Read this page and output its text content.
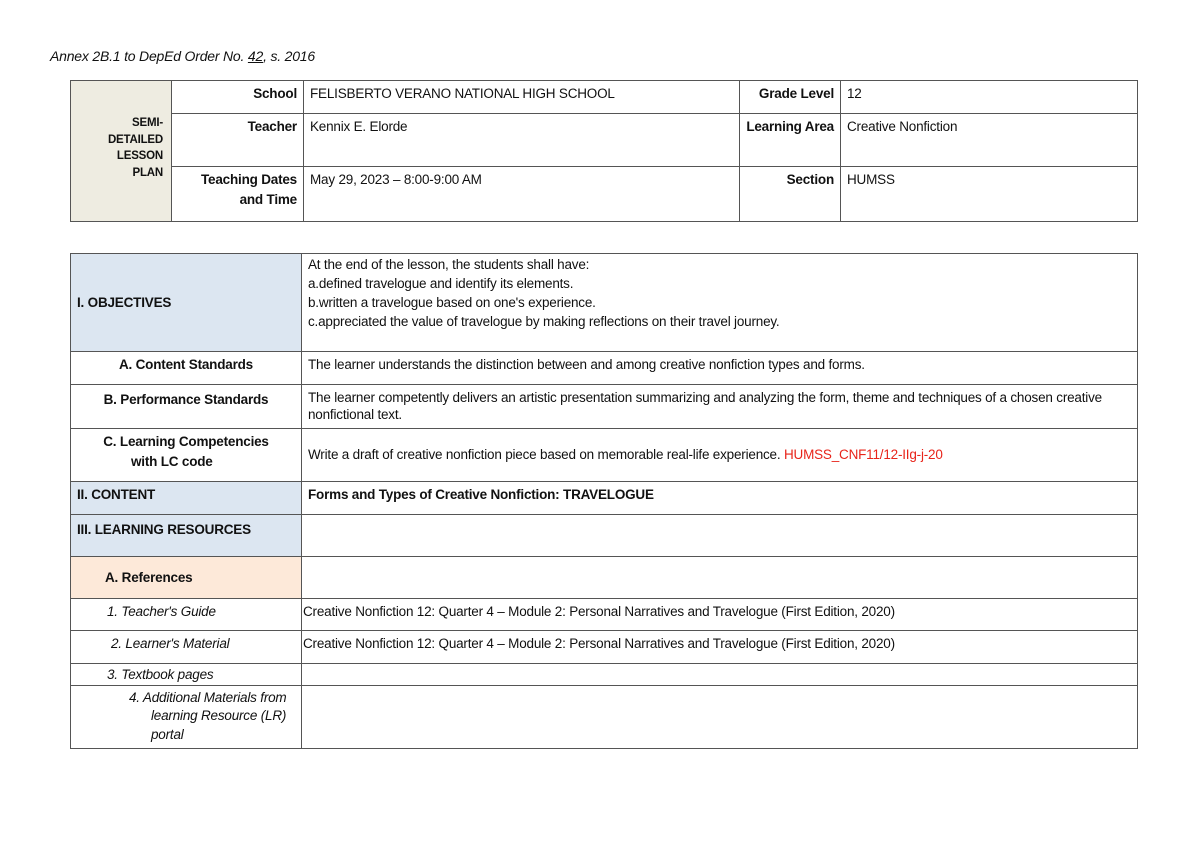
Annex 2B.1 to DepEd Order No. 42, s. 2016
SEMI-
DETAILED
LESSON
PLAN	School	FELISBERTO VERANO NATIONAL HIGH SCHOOL	Grade Level	12
	Teacher	Kennix E. Elorde	Learning Area	Creative Nonfiction
	Teaching Dates and Time	May 29, 2023 – 8:00-9:00 AM	Section	HUMSS
I. OBJECTIVES	At the end of the lesson, the students shall have:
a.defined travelogue and identify its elements.
b.written a travelogue based on one's experience.
c.appreciated the value of travelogue by making reflections on their travel journey.

A. Content Standards	The learner understands the distinction between and among creative nonfiction types and forms.
B. Performance Standards	The learner competently delivers an artistic presentation summarizing and analyzing the form, theme and techniques of a chosen creative nonfictional text.

C. Learning Competencies
with LC code	Write a draft of creative nonfiction piece based on memorable real-life experience. HUMSS_CNF11/12-IIg-j-20
II. CONTENT	Forms and Types of Creative Nonfiction: TRAVELOGUE
III. LEARNING RESOURCES	
A. References	
1. Teacher's Guide	Creative Nonfiction 12: Quarter 4 – Module 2: Personal Narratives and Travelogue (First Edition, 2020)
2. Learner's Material	Creative Nonfiction 12: Quarter 4 – Module 2: Personal Narratives and Travelogue (First Edition, 2020)
3. Textbook pages	
4. Additional Materials from learning Resource (LR) portal	
